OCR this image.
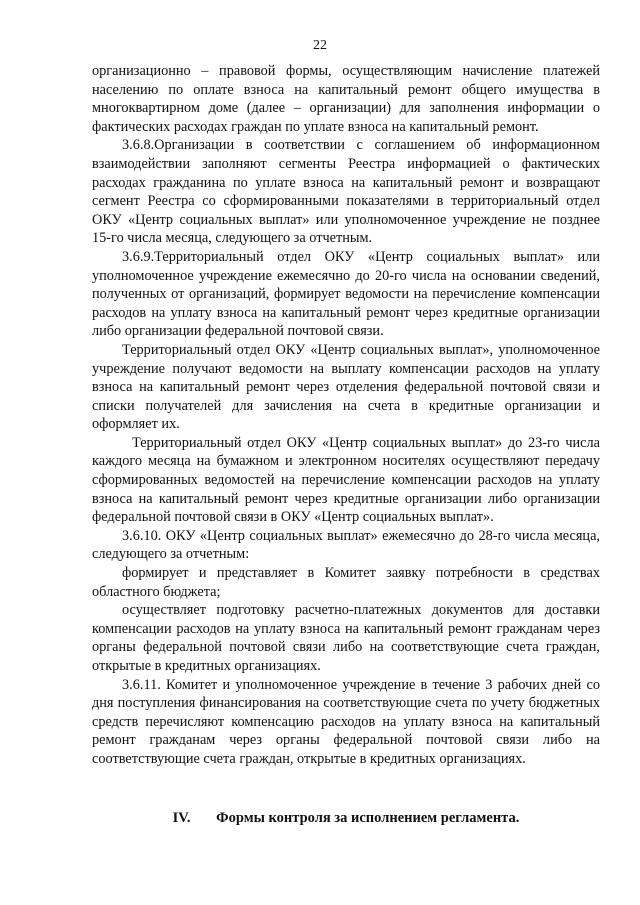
22

организационно – правовой формы, осуществляющим начисление платежей населению по оплате взноса на капитальный ремонт общего имущества в многоквартирном доме (далее – организации) для заполнения информации о фактических расходах граждан по уплате взноса на капитальный ремонт.

3.6.8.Организации в соответствии с соглашением об информационном взаимодействии заполняют сегменты Реестра информацией о фактических расходах гражданина по уплате взноса на капитальный ремонт и возвращают сегмент Реестра со сформированными показателями в территориальный отдел ОКУ «Центр социальных выплат» или уполномоченное учреждение не позднее 15-го числа месяца, следующего за отчетным.

3.6.9.Территориальный отдел ОКУ «Центр социальных выплат» или уполномоченное учреждение ежемесячно до 20-го числа на основании сведений, полученных от организаций, формирует ведомости на перечисление компенсации расходов на уплату взноса на капитальный ремонт через кредитные организации либо организации федеральной почтовой связи.

Территориальный отдел ОКУ «Центр социальных выплат», уполномоченное учреждение получают ведомости на выплату компенсации расходов на уплату взноса на капитальный ремонт через отделения федеральной почтовой связи и списки получателей для зачисления на счета в кредитные организации и оформляет их.

Территориальный отдел ОКУ «Центр социальных выплат» до 23-го числа каждого месяца на бумажном и электронном носителях осуществляют передачу сформированных ведомостей на перечисление компенсации расходов на уплату взноса на капитальный ремонт через кредитные организации либо организации федеральной почтовой связи в ОКУ «Центр социальных выплат».

3.6.10. ОКУ «Центр социальных выплат» ежемесячно до 28-го числа месяца, следующего за отчетным:

формирует и представляет в Комитет заявку потребности в средствах областного бюджета;

осуществляет подготовку расчетно-платежных документов для доставки компенсации расходов на уплату взноса на капитальный ремонт гражданам через органы федеральной почтовой связи либо на соответствующие счета граждан, открытые в кредитных организациях.

3.6.11. Комитет и уполномоченное учреждение в течение 3 рабочих дней со дня поступления финансирования на соответствующие счета по учету бюджетных средств перечисляют компенсацию расходов на уплату взноса на капитальный ремонт гражданам через органы федеральной почтовой связи либо на соответствующие счета граждан, открытые в кредитных организациях.

IV. Формы контроля за исполнением регламента.
